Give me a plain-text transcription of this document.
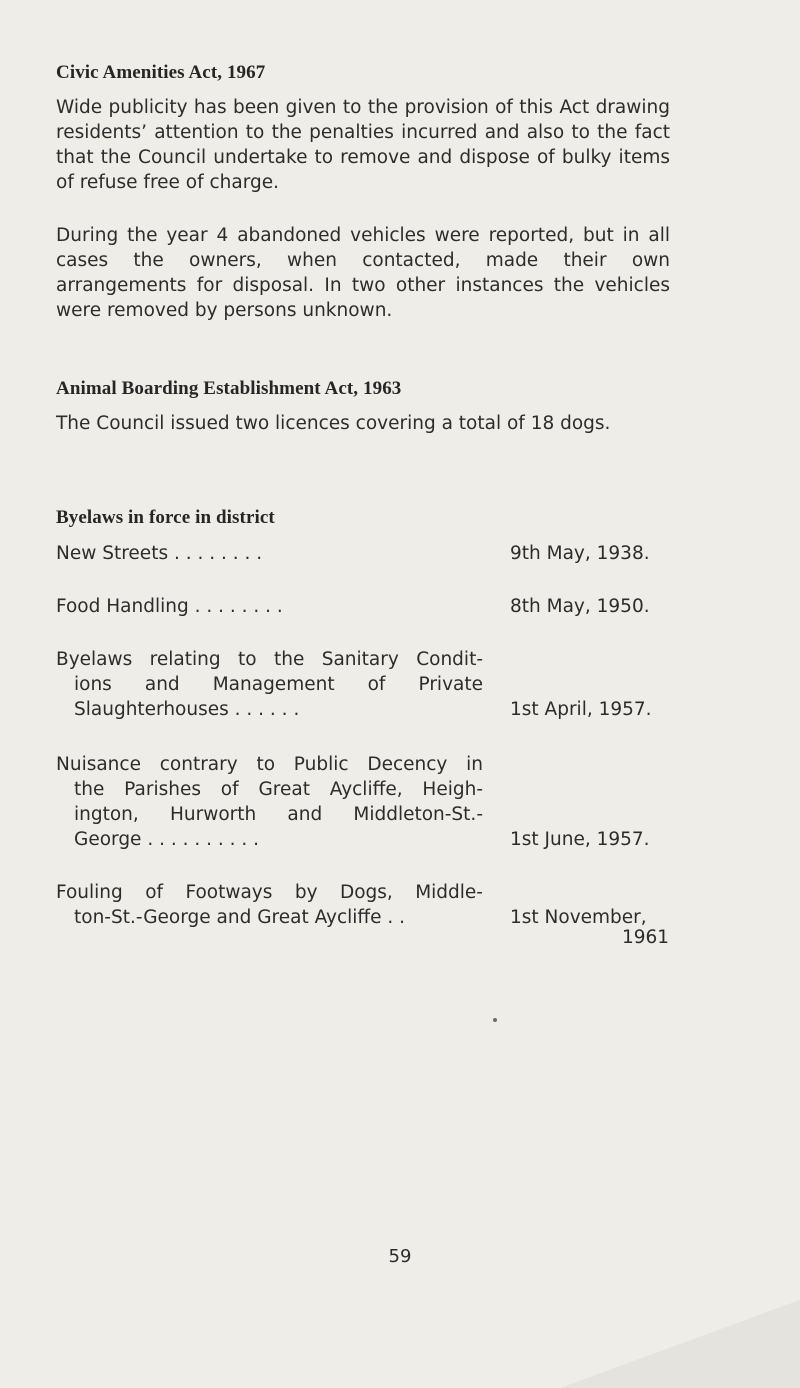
Civic Amenities Act, 1967
Wide publicity has been given to the provision of this Act drawing residents’ attention to the penalties incurred and also to the fact that the Council undertake to remove and dispose of bulky items of refuse free of charge.
During the year 4 abandoned vehicles were reported, but in all cases the owners, when contacted, made their own arrangements for disposal. In two other instances the vehicles were removed by persons unknown.
Animal Boarding Establishment Act, 1963
The Council issued two licences covering a total of 18 dogs.
Byelaws in force in district
New Streets . . . . . . . .	9th May, 1938.
Food Handling . . . . . . . .	8th May, 1950.
Byelaws relating to the Sanitary Condit-
ions and Management of Private
Slaughterhouses . . . . . .	1st April, 1957.
Nuisance contrary to Public Decency in
the Parishes of Great Aycliffe, Heigh-
ington, Hurworth and Middleton-St.-
George . . . . . . . . . .	1st June, 1957.
Fouling of Footways by Dogs, Middle-
ton-St.-George and Great Aycliffe . .	1st November,
1961
59
